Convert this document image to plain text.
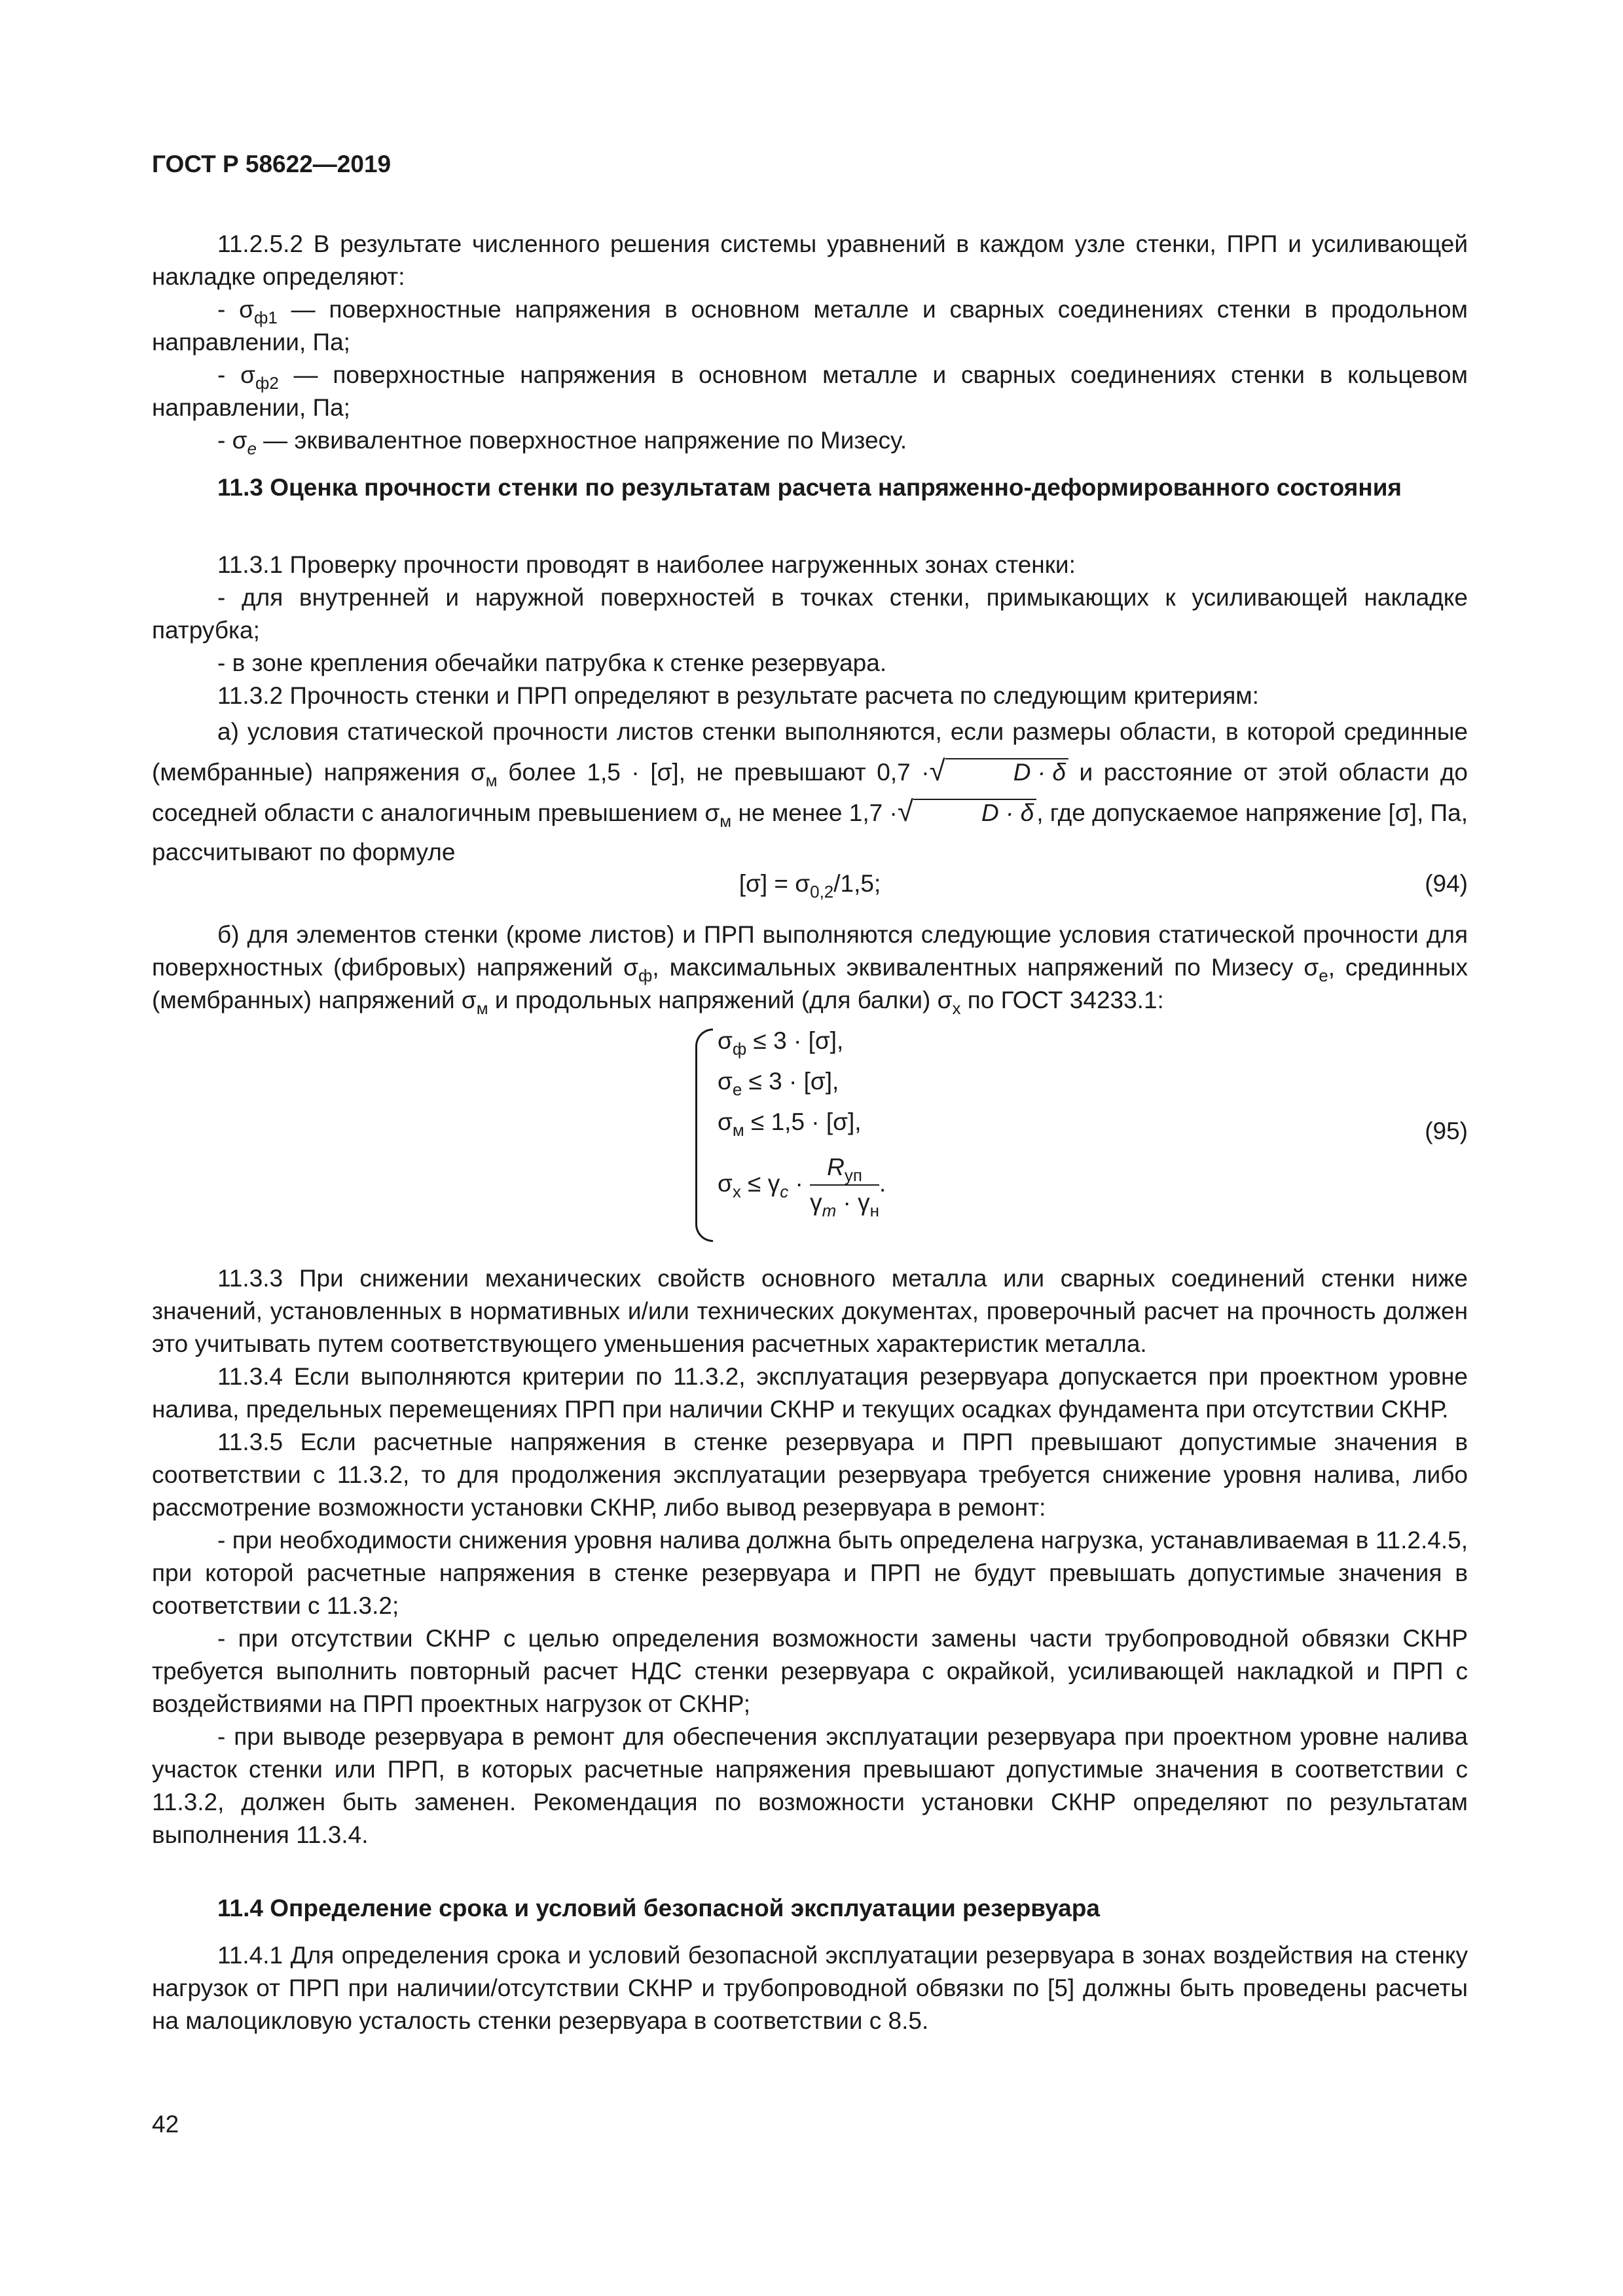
ГОСТ Р 58622—2019

11.2.5.2 В результате численного решения системы уравнений в каждом узле стенки, ПРП и усиливающей накладке определяют:

- $\sigma_{ф1}$ — поверхностные напряжения в основном металле и сварных соединениях стенки в продольном направлении, Па;

- $\sigma_{ф2}$ — поверхностные напряжения в основном металле и сварных соединениях стенки в кольцевом направлении, Па;

- $\sigma_e$ — эквивалентное поверхностное напряжение по Мизесу.

11.3 Оценка прочности стенки по результатам расчета напряженно-деформированного состояния

11.3.1 Проверку прочности проводят в наиболее нагруженных зонах стенки:

- для внутренней и наружной поверхностей в точках стенки, примыкающих к усиливающей накладке патрубка;

- в зоне крепления обечайки патрубка к стенке резервуара.

11.3.2 Прочность стенки и ПРП определяют в результате расчета по следующим критериям:

а) условия статической прочности листов стенки выполняются, если размеры области, в которой срединные (мембранные) напряжения $\sigma_м$ более 1,5 · [σ], не превышают 0,7 ·√	D · δ и расстояние от этой области до соседней области с аналогичным превышением $\sigma_м$ не менее 1,7 ·√	D · δ , где допускаемое напряжение [σ], Па, рассчитывают по формуле

$[\sigma] = \sigma_{0,2}/1,5$;	(94)

б) для элементов стенки (кроме листов) и ПРП выполняются следующие условия статической прочности для поверхностных (фибровых) напряжений $\sigma_ф$, максимальных эквивалентных напряжений по Мизесу $\sigma_е$, срединных (мембранных) напряжений $\sigma_м$ и продольных напряжений (для балки) $\sigma_x$ по ГОСТ 34233.1:

$\sigma_ф \le 3 \cdot [\sigma]$,
$\sigma_е \le 3 \cdot [\sigma]$,
$\sigma_м \le 1,5 \cdot [\sigma]$,
$\sigma_x \le \gamma_c \cdot \frac{R_{уп}}{\gamma_m \cdot \gamma_н}$ .
(95)

11.3.3 При снижении механических свойств основного металла или сварных соединений стенки ниже значений, установленных в нормативных и/или технических документах, проверочный расчет на прочность должен это учитывать путем соответствующего уменьшения расчетных характеристик металла.

11.3.4 Если выполняются критерии по 11.3.2, эксплуатация резервуара допускается при проектном уровне налива, предельных перемещениях ПРП при наличии СКНР и текущих осадках фундамента при отсутствии СКНР.

11.3.5 Если расчетные напряжения в стенке резервуара и ПРП превышают допустимые значения в соответствии с 11.3.2, то для продолжения эксплуатации резервуара требуется снижение уровня налива, либо рассмотрение возможности установки СКНР, либо вывод резервуара в ремонт:

- при необходимости снижения уровня налива должна быть определена нагрузка, устанавливаемая в 11.2.4.5, при которой расчетные напряжения в стенке резервуара и ПРП не будут превышать допустимые значения в соответствии с 11.3.2;

- при отсутствии СКНР с целью определения возможности замены части трубопроводной обвязки СКНР требуется выполнить повторный расчет НДС стенки резервуара с окрайкой, усиливающей накладкой и ПРП с воздействиями на ПРП проектных нагрузок от СКНР;

- при выводе резервуара в ремонт для обеспечения эксплуатации резервуара при проектном уровне налива участок стенки или ПРП, в которых расчетные напряжения превышают допустимые значения в соответствии с 11.3.2, должен быть заменен. Рекомендация по возможности установки СКНР определяют по результатам выполнения 11.3.4.

11.4 Определение срока и условий безопасной эксплуатации резервуара

11.4.1 Для определения срока и условий безопасной эксплуатации резервуара в зонах воздействия на стенку нагрузок от ПРП при наличии/отсутствии СКНР и трубопроводной обвязки по [5] должны быть проведены расчеты на малоцикловую усталость стенки резервуара в соответствии с 8.5.

42
